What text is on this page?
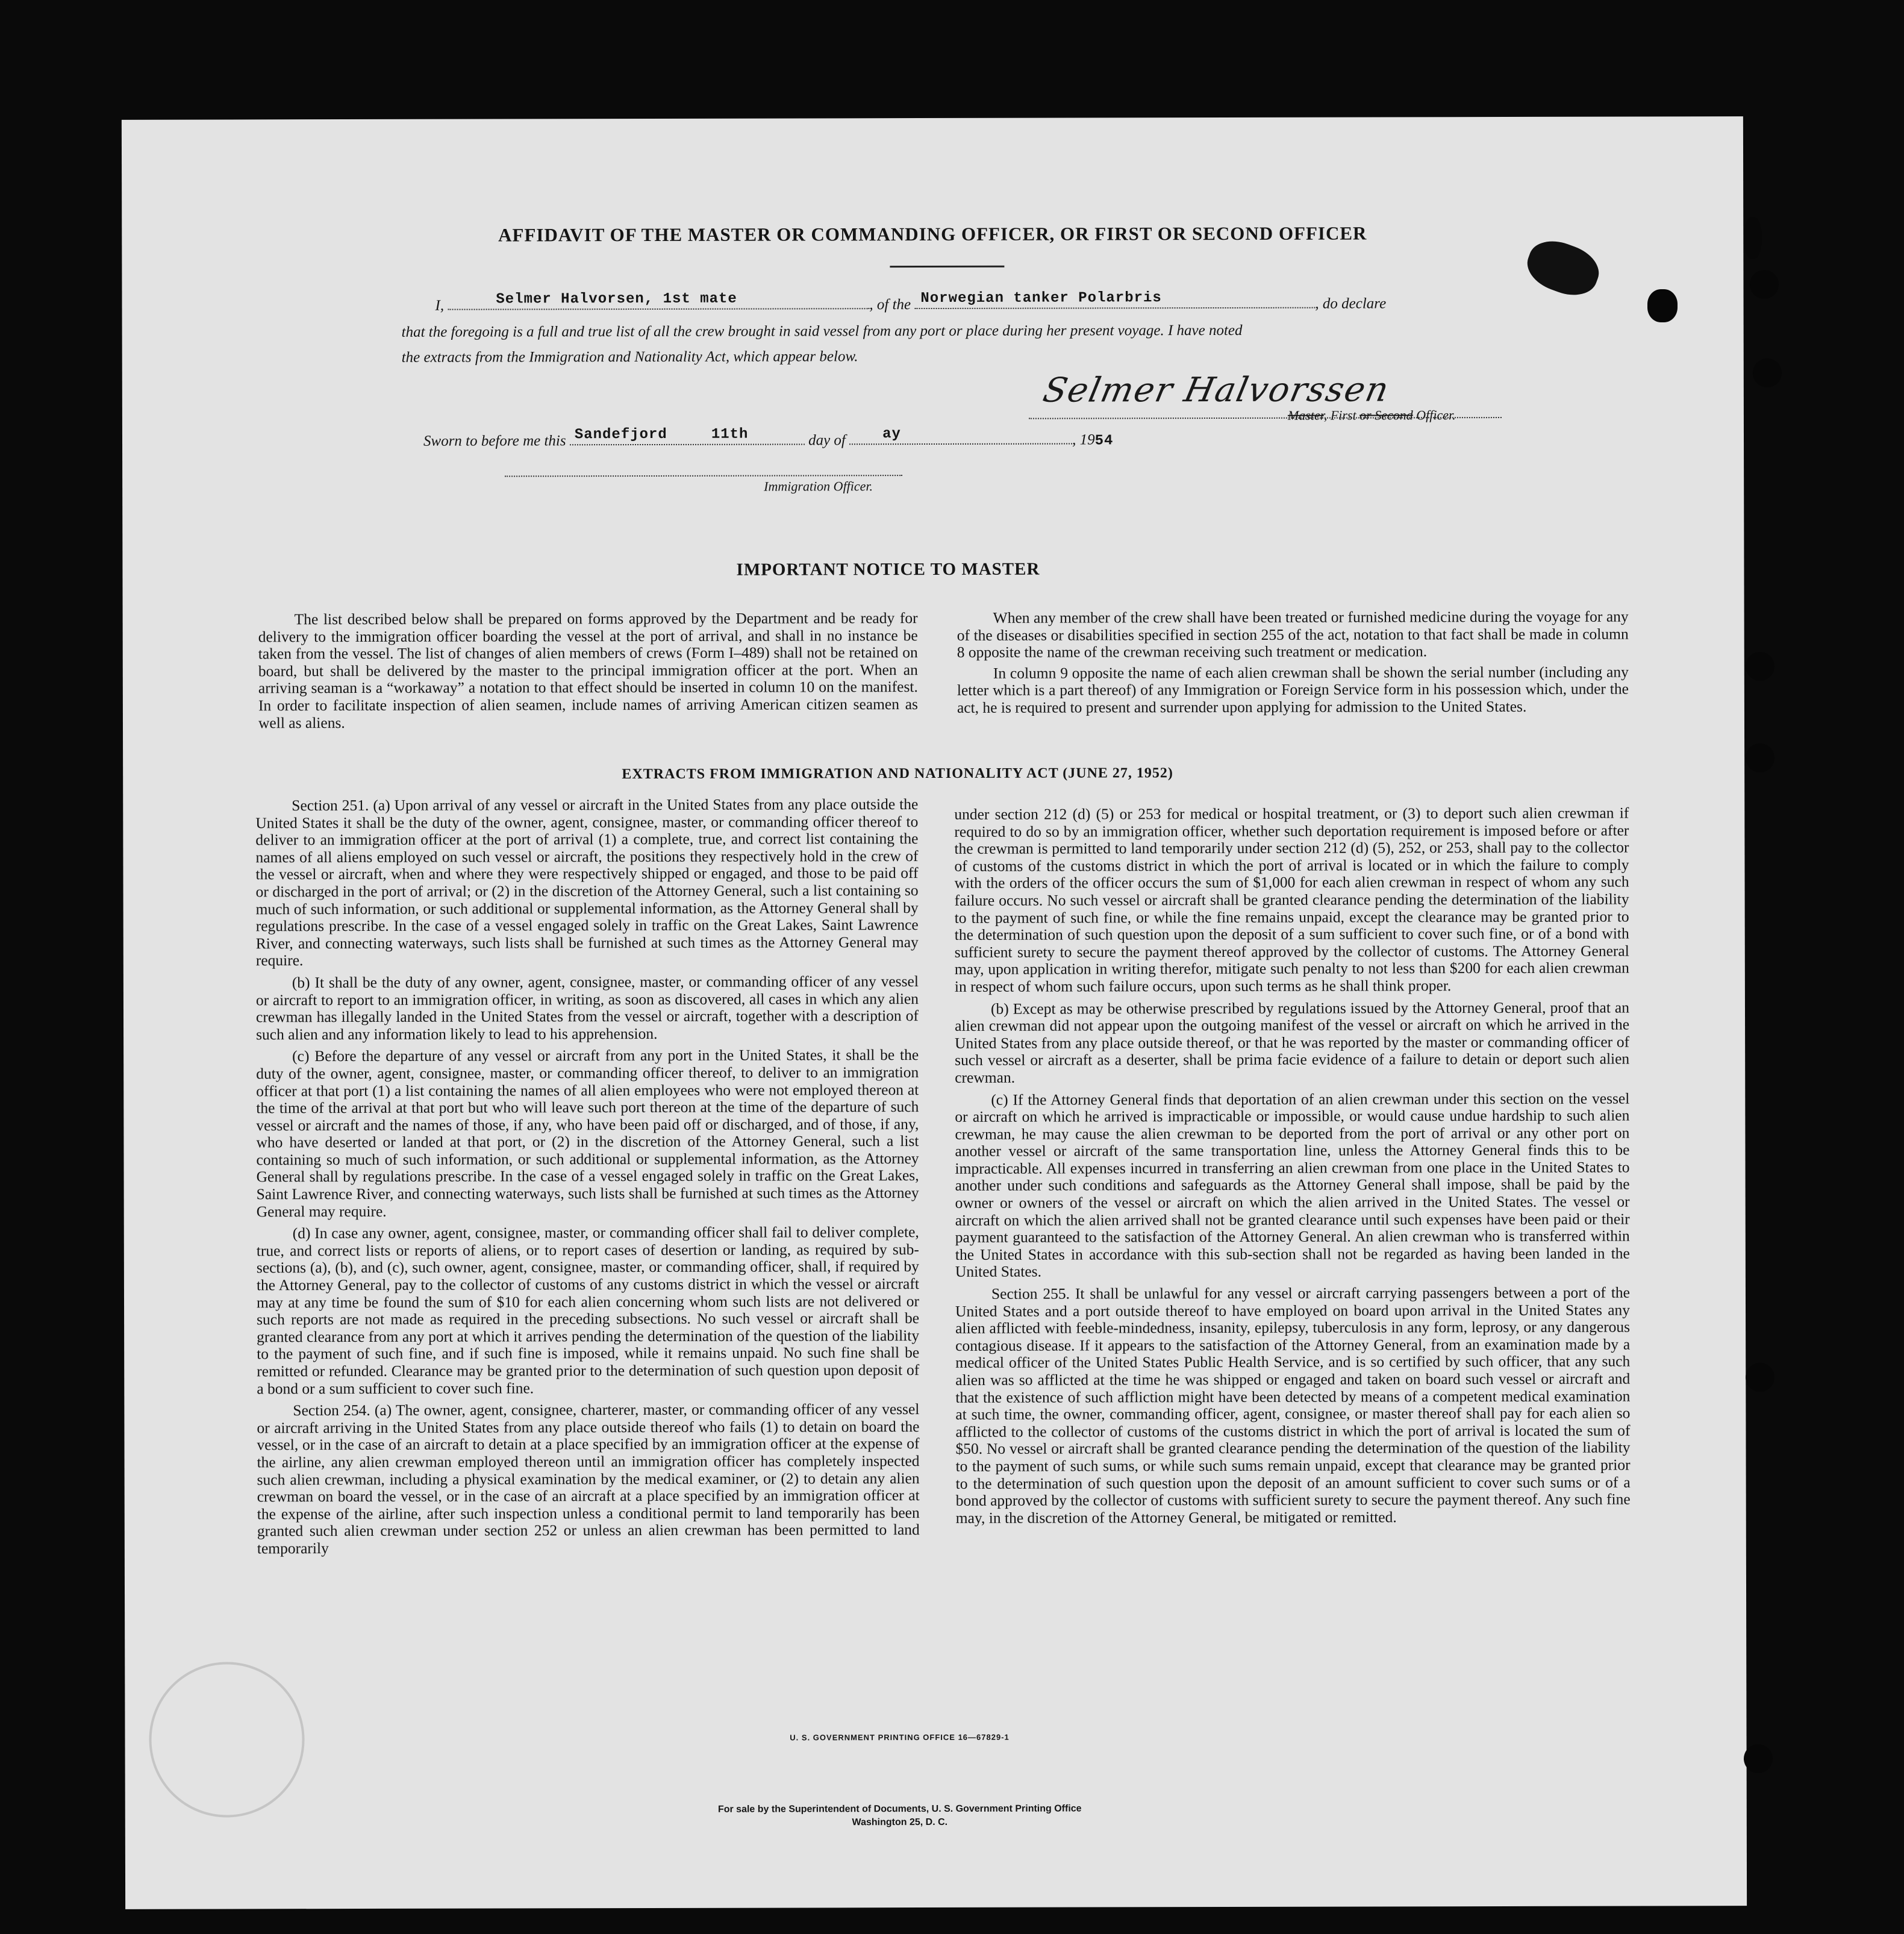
AFFIDAVIT OF THE MASTER OR COMMANDING OFFICER, OR FIRST OR SECOND OFFICER
I,	Selmer Halvorsen, 1st mate	, of the Norwegian tanker Polarbris	, do declare
that the foregoing is a full and true list of all the crew brought in said vessel from any port or place during her present voyage. I have noted
the extracts from the Immigration and Nationality Act, which appear below.
Selmer Halvorssen
Master, First or Second Officer.
Sworn to before me this Sandefjord	11th	day of	ay	, 1954
Immigration Officer.
IMPORTANT NOTICE TO MASTER

The list described below shall be prepared on forms approved by the Department and be ready for delivery to the immigration officer boarding the vessel at the port of arrival, and shall in no instance be taken from the vessel. The list of changes of alien members of crews (Form I–489) shall not be retained on board, but shall be delivered by the master to the principal immigration officer at the port. When an arriving seaman is a “workaway” a notation to that effect should be inserted in column 10 on the manifest. In order to facilitate inspection of alien seamen, include names of arriving American citizen seamen as well as aliens.

When any member of the crew shall have been treated or furnished medicine during the voyage for any of the diseases or disabilities specified in section 255 of the act, notation to that fact shall be made in column 8 opposite the name of the crewman receiving such treatment or medication.

In column 9 opposite the name of each alien crewman shall be shown the serial number (including any letter which is a part thereof) of any Immigration or Foreign Service form in his possession which, under the act, he is required to present and surrender upon applying for admission to the United States.

EXTRACTS FROM IMMIGRATION AND NATIONALITY ACT (JUNE 27, 1952)

Section 251. (a) Upon arrival of any vessel or aircraft in the United States from any place outside the United States it shall be the duty of the owner, agent, consignee, master, or commanding officer thereof to deliver to an immigration officer at the port of arrival (1) a complete, true, and correct list containing the names of all aliens employed on such vessel or aircraft, the positions they respectively hold in the crew of the vessel or aircraft, when and where they were respectively shipped or engaged, and those to be paid off or discharged in the port of arrival; or (2) in the discretion of the Attorney General, such a list containing so much of such information, or such additional or supplemental information, as the Attorney General shall by regulations prescribe. In the case of a vessel engaged solely in traffic on the Great Lakes, Saint Lawrence River, and connecting waterways, such lists shall be furnished at such times as the Attorney General may require.

(b) It shall be the duty of any owner, agent, consignee, master, or commanding officer of any vessel or aircraft to report to an immigration officer, in writing, as soon as discovered, all cases in which any alien crewman has illegally landed in the United States from the vessel or aircraft, together with a description of such alien and any information likely to lead to his apprehension.

(c) Before the departure of any vessel or aircraft from any port in the United States, it shall be the duty of the owner, agent, consignee, master, or commanding officer thereof, to deliver to an immigration officer at that port (1) a list containing the names of all alien employees who were not employed thereon at the time of the arrival at that port but who will leave such port thereon at the time of the departure of such vessel or aircraft and the names of those, if any, who have been paid off or discharged, and of those, if any, who have deserted or landed at that port, or (2) in the discretion of the Attorney General, such a list containing so much of such information, or such additional or supplemental information, as the Attorney General shall by regulations prescribe. In the case of a vessel engaged solely in traffic on the Great Lakes, Saint Lawrence River, and connecting waterways, such lists shall be furnished at such times as the Attorney General may require.

(d) In case any owner, agent, consignee, master, or commanding officer shall fail to deliver complete, true, and correct lists or reports of aliens, or to report cases of desertion or landing, as required by sub-sections (a), (b), and (c), such owner, agent, consignee, master, or commanding officer, shall, if required by the Attorney General, pay to the collector of customs of any customs district in which the vessel or aircraft may at any time be found the sum of $10 for each alien concerning whom such lists are not delivered or such reports are not made as required in the preceding subsections. No such vessel or aircraft shall be granted clearance from any port at which it arrives pending the determination of the question of the liability to the payment of such fine, and if such fine is imposed, while it remains unpaid. No such fine shall be remitted or refunded. Clearance may be granted prior to the determination of such question upon deposit of a bond or a sum sufficient to cover such fine.

Section 254. (a) The owner, agent, consignee, charterer, master, or commanding officer of any vessel or aircraft arriving in the United States from any place outside thereof who fails (1) to detain on board the vessel, or in the case of an aircraft to detain at a place specified by an immigration officer at the expense of the airline, any alien crewman employed thereon until an immigration officer has completely inspected such alien crewman, including a physical examination by the medical examiner, or (2) to detain any alien crewman on board the vessel, or in the case of an aircraft at a place specified by an immigration officer at the expense of the airline, after such inspection unless a conditional permit to land temporarily has been granted such alien crewman under section 252 or unless an alien crewman has been permitted to land temporarily

under section 212 (d) (5) or 253 for medical or hospital treatment, or (3) to deport such alien crewman if required to do so by an immigration officer, whether such deportation requirement is imposed before or after the crewman is permitted to land temporarily under section 212 (d) (5), 252, or 253, shall pay to the collector of customs of the customs district in which the port of arrival is located or in which the failure to comply with the orders of the officer occurs the sum of $1,000 for each alien crewman in respect of whom any such failure occurs. No such vessel or aircraft shall be granted clearance pending the determination of the liability to the payment of such fine, or while the fine remains unpaid, except the clearance may be granted prior to the determination of such question upon the deposit of a sum sufficient to cover such fine, or of a bond with sufficient surety to secure the payment thereof approved by the collector of customs. The Attorney General may, upon application in writing therefor, mitigate such penalty to not less than $200 for each alien crewman in respect of whom such failure occurs, upon such terms as he shall think proper.

(b) Except as may be otherwise prescribed by regulations issued by the Attorney General, proof that an alien crewman did not appear upon the outgoing manifest of the vessel or aircraft on which he arrived in the United States from any place outside thereof, or that he was reported by the master or commanding officer of such vessel or aircraft as a deserter, shall be prima facie evidence of a failure to detain or deport such alien crewman.

(c) If the Attorney General finds that deportation of an alien crewman under this section on the vessel or aircraft on which he arrived is impracticable or impossible, or would cause undue hardship to such alien crewman, he may cause the alien crewman to be deported from the port of arrival or any other port on another vessel or aircraft of the same transportation line, unless the Attorney General finds this to be impracticable. All expenses incurred in transferring an alien crewman from one place in the United States to another under such conditions and safeguards as the Attorney General shall impose, shall be paid by the owner or owners of the vessel or aircraft on which the alien arrived in the United States. The vessel or aircraft on which the alien arrived shall not be granted clearance until such expenses have been paid or their payment guaranteed to the satisfaction of the Attorney General. An alien crewman who is transferred within the United States in accordance with this sub-section shall not be regarded as having been landed in the United States.

Section 255. It shall be unlawful for any vessel or aircraft carrying passengers between a port of the United States and a port outside thereof to have employed on board upon arrival in the United States any alien afflicted with feeble-mindedness, insanity, epilepsy, tuberculosis in any form, leprosy, or any dangerous contagious disease. If it appears to the satisfaction of the Attorney General, from an examination made by a medical officer of the United States Public Health Service, and is so certified by such officer, that any such alien was so afflicted at the time he was shipped or engaged and taken on board such vessel or aircraft and that the existence of such affliction might have been detected by means of a competent medical examination at such time, the owner, commanding officer, agent, consignee, or master thereof shall pay for each alien so afflicted to the collector of customs of the customs district in which the port of arrival is located the sum of $50. No vessel or aircraft shall be granted clearance pending the determination of the question of the liability to the payment of such sums, or while such sums remain unpaid, except that clearance may be granted prior to the determination of such question upon the deposit of an amount sufficient to cover such sums or of a bond approved by the collector of customs with sufficient surety to secure the payment thereof. Any such fine may, in the discretion of the Attorney General, be mitigated or remitted.

U. S. GOVERNMENT PRINTING OFFICE 16—67829-1
For sale by the Superintendent of Documents, U. S. Government Printing Office
Washington 25, D. C.
